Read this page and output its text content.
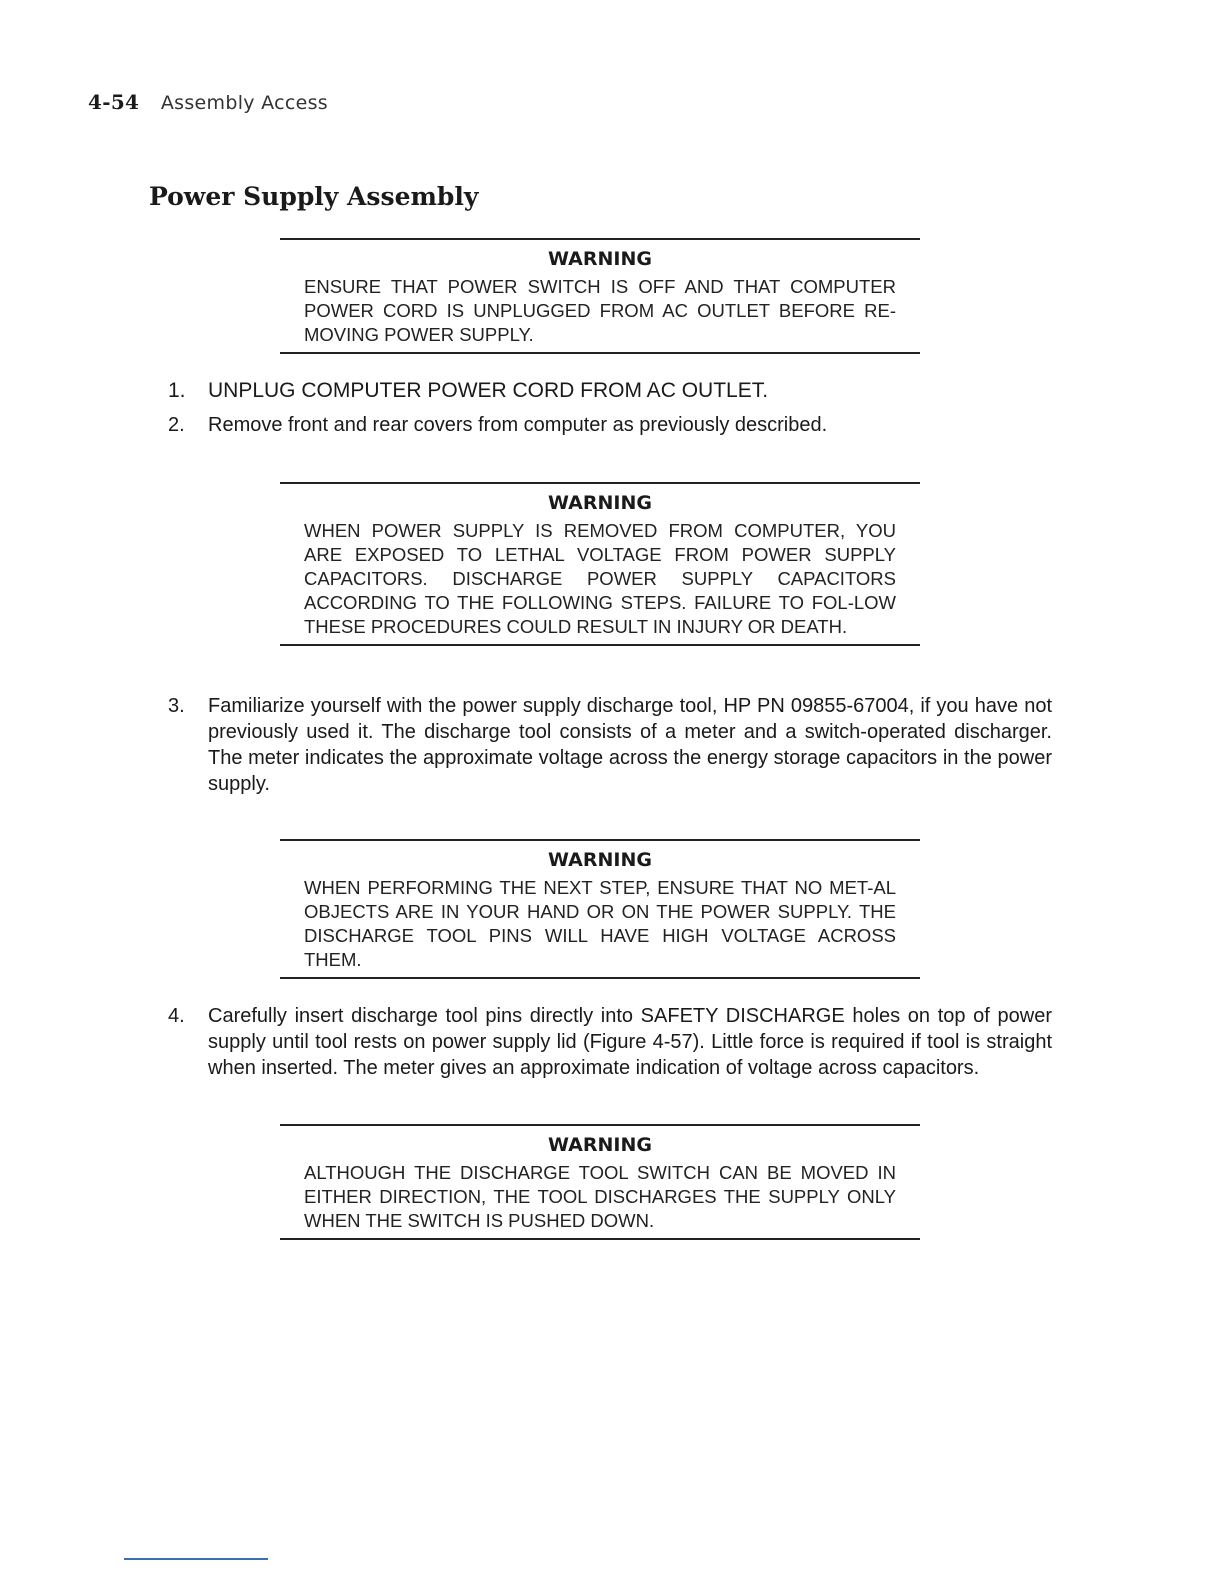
4-54 Assembly Access
Power Supply Assembly
WARNING
ENSURE THAT POWER SWITCH IS OFF AND THAT COMPUTER POWER CORD IS UNPLUGGED FROM AC OUTLET BEFORE RE-MOVING POWER SUPPLY.
1.	UNPLUG COMPUTER POWER CORD FROM AC OUTLET.
2.	Remove front and rear covers from computer as previously described.
WARNING
WHEN POWER SUPPLY IS REMOVED FROM COMPUTER, YOU ARE EXPOSED TO LETHAL VOLTAGE FROM POWER SUPPLY CAPACITORS. DISCHARGE POWER SUPPLY CAPACITORS ACCORDING TO THE FOLLOWING STEPS. FAILURE TO FOL-LOW THESE PROCEDURES COULD RESULT IN INJURY OR DEATH.
3.	Familiarize yourself with the power supply discharge tool, HP PN 09855-67004, if you have not previously used it. The discharge tool consists of a meter and a switch-operated discharger. The meter indicates the approximate voltage across the energy storage capacitors in the power supply.
WARNING
WHEN PERFORMING THE NEXT STEP, ENSURE THAT NO MET-AL OBJECTS ARE IN YOUR HAND OR ON THE POWER SUPPLY. THE DISCHARGE TOOL PINS WILL HAVE HIGH VOLTAGE ACROSS THEM.
4.	Carefully insert discharge tool pins directly into SAFETY DISCHARGE holes on top of power supply until tool rests on power supply lid (Figure 4-57). Little force is required if tool is straight when inserted. The meter gives an approximate indication of voltage across capacitors.
WARNING
ALTHOUGH THE DISCHARGE TOOL SWITCH CAN BE MOVED IN EITHER DIRECTION, THE TOOL DISCHARGES THE SUPPLY ONLY WHEN THE SWITCH IS PUSHED DOWN.
